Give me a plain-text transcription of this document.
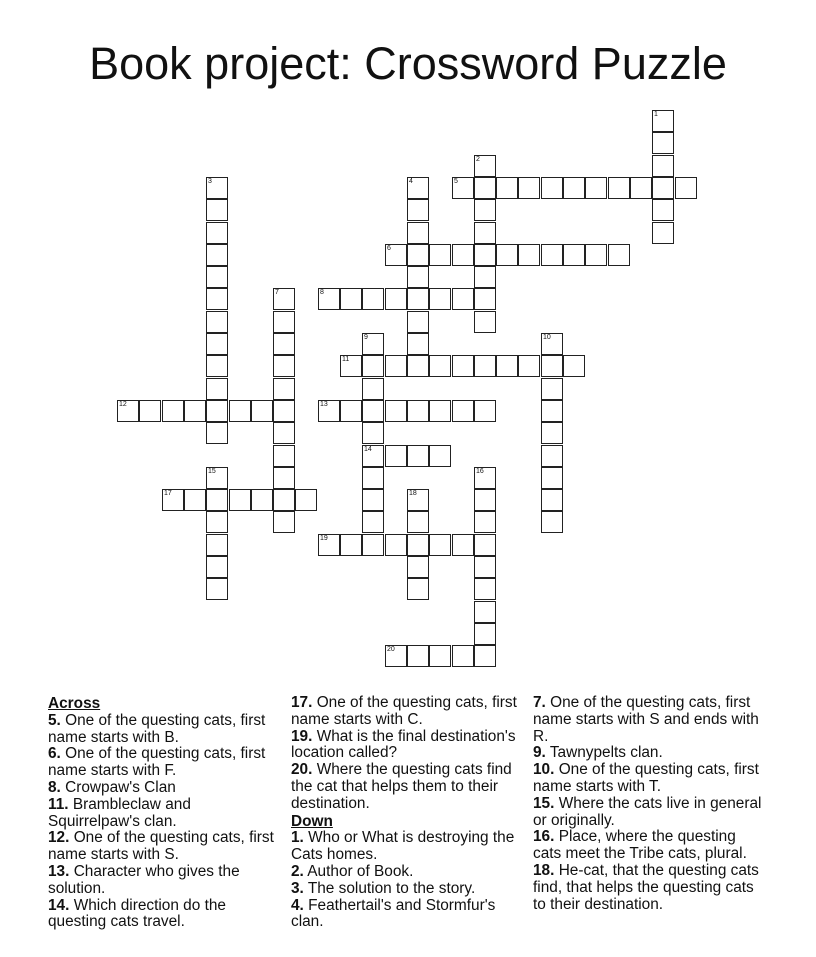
Book project: Crossword Puzzle
1
2
3	4	5
6
7	8
9
14
10
11
12	13
15	16
17	18
19
20
Across
5. One of the questing cats, first name starts with B.
6. One of the questing cats, first name starts with F.
8. Crowpaw's Clan
11. Brambleclaw and Squirrelpaw's clan.
12. One of the questing cats, first name starts with S.
13. Character who gives the solution.
14. Which direction do the questing cats travel.
17. One of the questing cats, first name starts with C.
19. What is the final destination's location called?
20. Where the questing cats find the cat that helps them to their destination.
Down
1. Who or What is destroying the Cats homes.
2. Author of Book.
3. The solution to the story.
4. Feathertail's and Stormfur's clan.
7. One of the questing cats, first name starts with S and ends with R.
9. Tawnypelts clan.
10. One of the questing cats, first name starts with T.
15. Where the cats live in general or originally.
16. Place, where the questing cats meet the Tribe cats, plural.
18. He-cat, that the questing cats find, that helps the questing cats to their destination.
